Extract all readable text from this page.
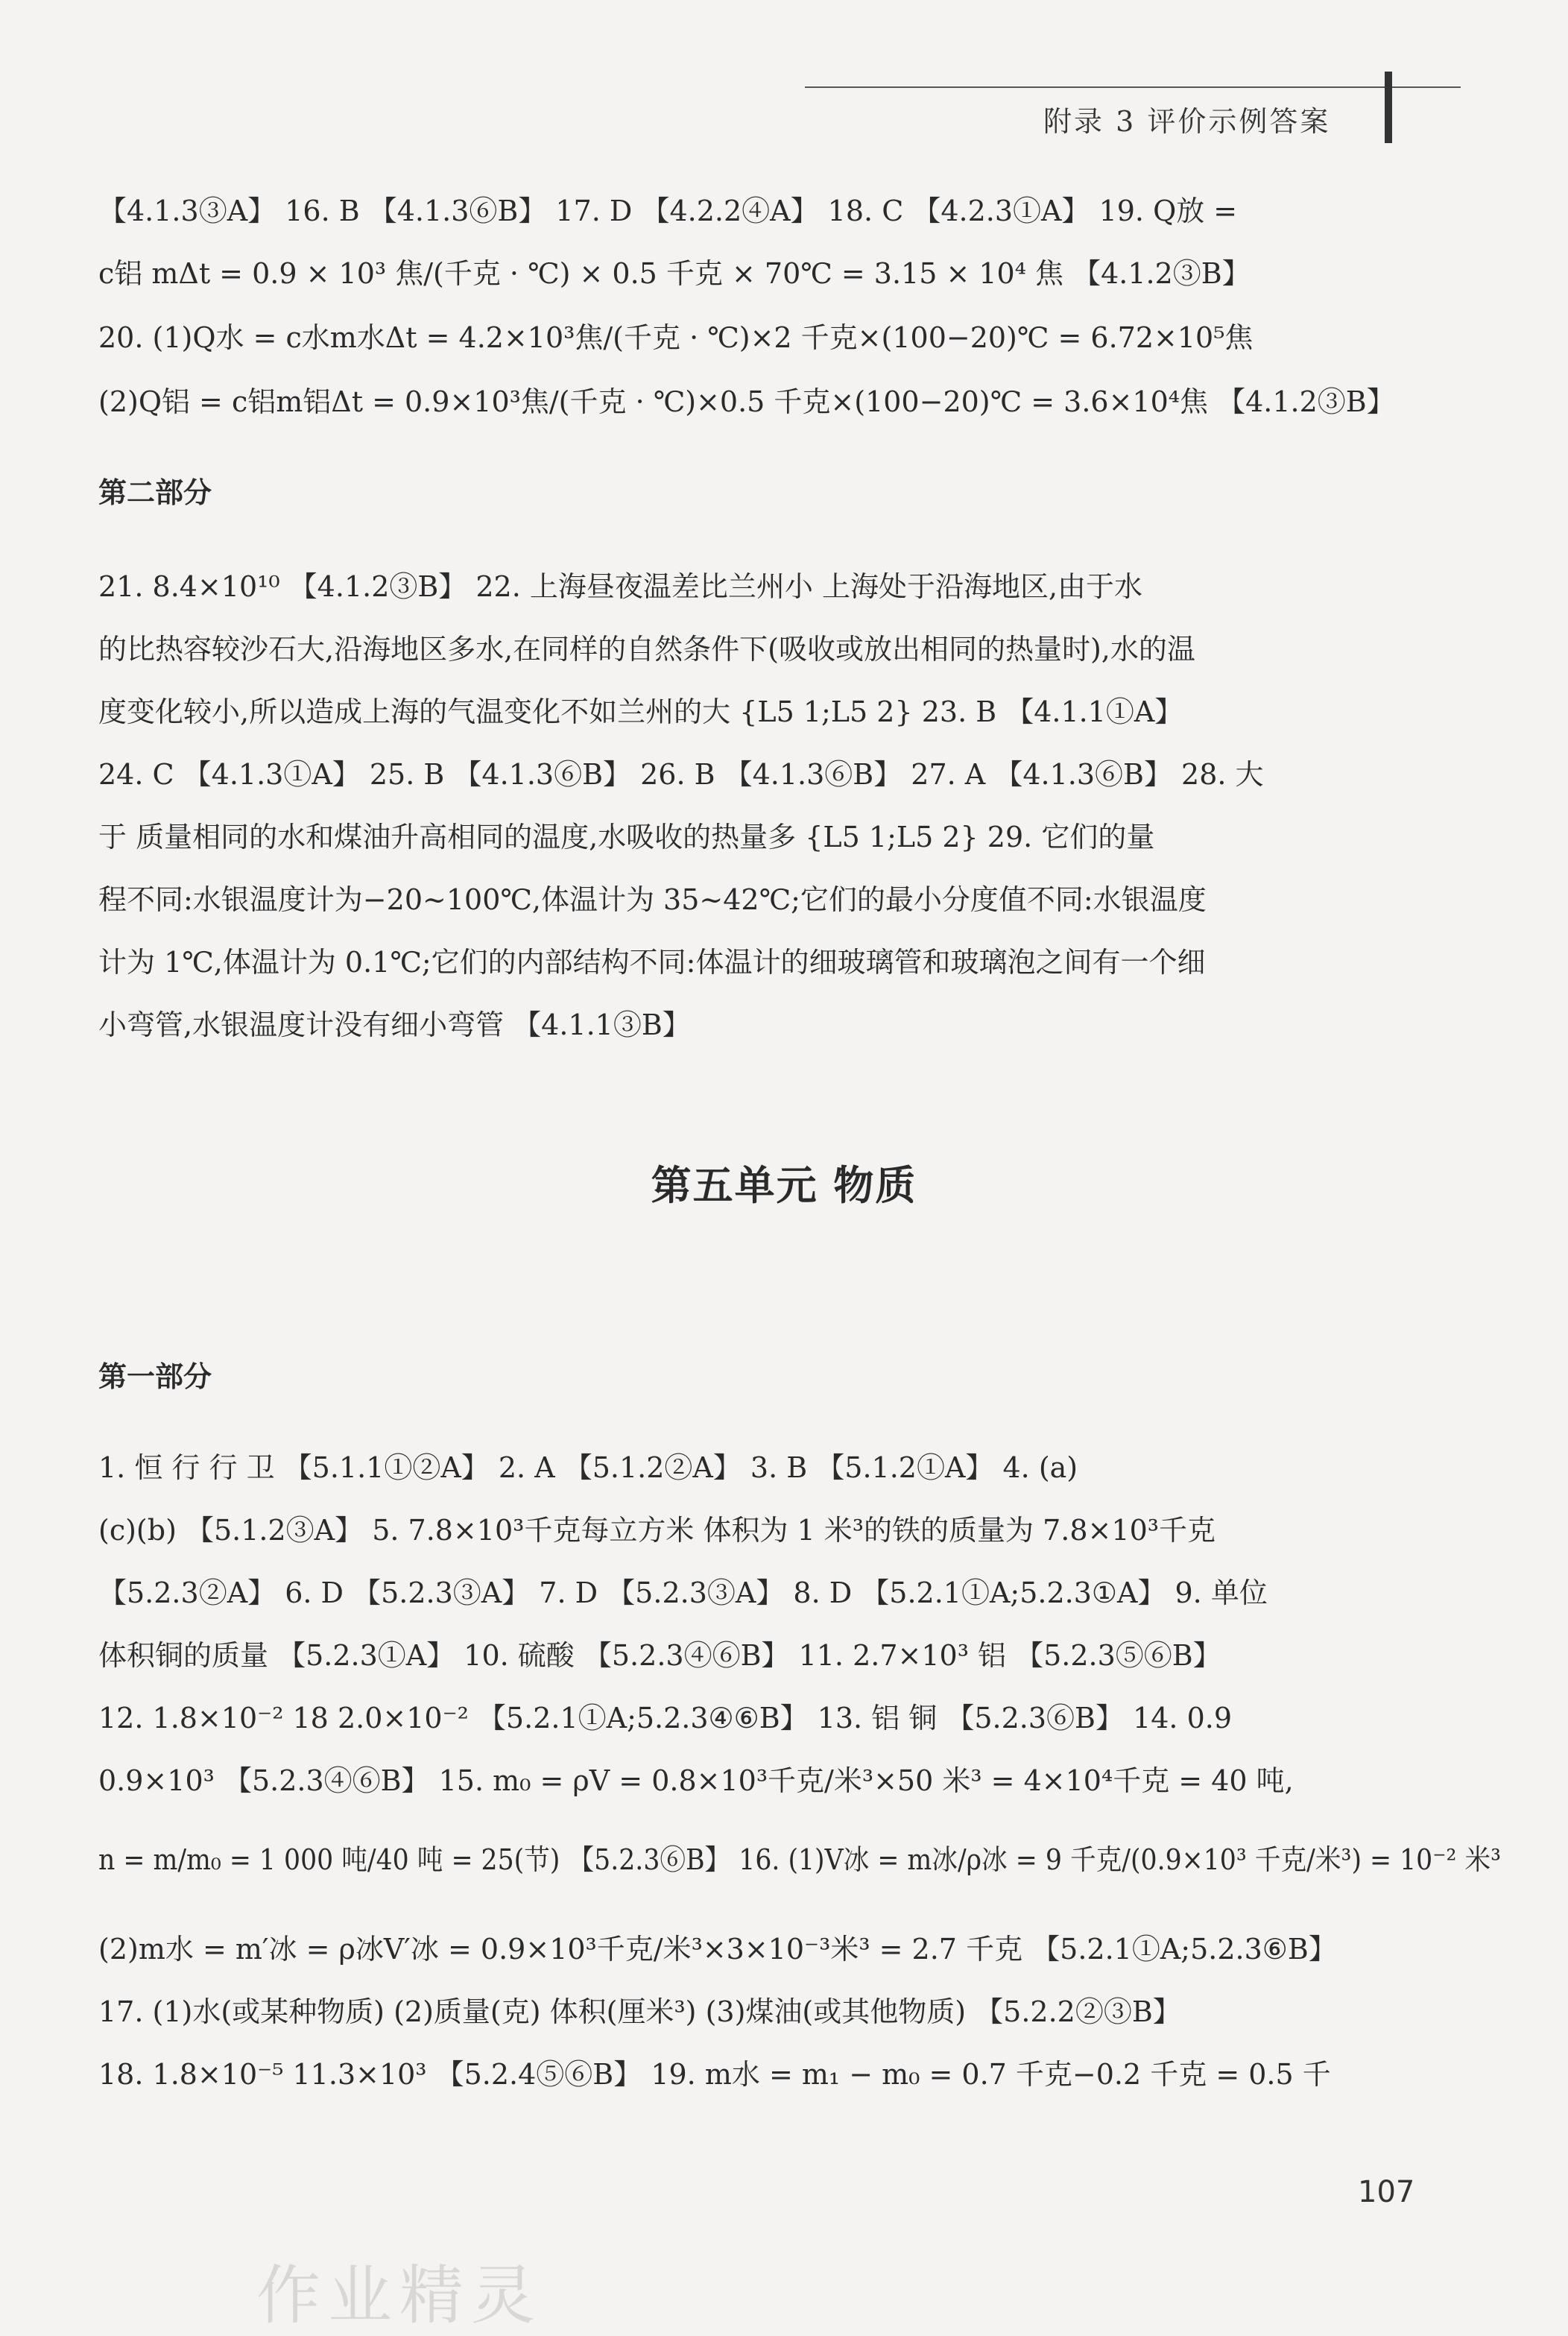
附录 3 评价示例答案
【4.1.3③A】 16. B 【4.1.3⑥B】 17. D 【4.2.2④A】 18. C 【4.2.3①A】 19. Q放 =
c铝 mΔt = 0.9 × 10³ 焦/(千克 · ℃) × 0.5 千克 × 70℃ = 3.15 × 10⁴ 焦 【4.1.2③B】
20. (1)Q水 = c水m水Δt = 4.2×10³焦/(千克 · ℃)×2 千克×(100−20)℃ = 6.72×10⁵焦
(2)Q铝 = c铝m铝Δt = 0.9×10³焦/(千克 · ℃)×0.5 千克×(100−20)℃ = 3.6×10⁴焦 【4.1.2③B】
第二部分
21. 8.4×10¹⁰ 【4.1.2③B】 22. 上海昼夜温差比兰州小 上海处于沿海地区,由于水
的比热容较沙石大,沿海地区多水,在同样的自然条件下(吸收或放出相同的热量时),水的温
度变化较小,所以造成上海的气温变化不如兰州的大 {L5 1;L5 2} 23. B 【4.1.1①A】
24. C 【4.1.3①A】 25. B 【4.1.3⑥B】 26. B 【4.1.3⑥B】 27. A 【4.1.3⑥B】 28. 大
于 质量相同的水和煤油升高相同的温度,水吸收的热量多 {L5 1;L5 2} 29. 它们的量
程不同:水银温度计为−20~100℃,体温计为 35~42℃;它们的最小分度值不同:水银温度
计为 1℃,体温计为 0.1℃;它们的内部结构不同:体温计的细玻璃管和玻璃泡之间有一个细
小弯管,水银温度计没有细小弯管 【4.1.1③B】
第五单元 物质
第一部分
1. 恒 行 行 卫 【5.1.1①②A】 2. A 【5.1.2②A】 3. B 【5.1.2①A】 4. (a)
(c)(b) 【5.1.2③A】 5. 7.8×10³千克每立方米 体积为 1 米³的铁的质量为 7.8×10³千克
【5.2.3②A】 6. D 【5.2.3③A】 7. D 【5.2.3③A】 8. D 【5.2.1①A;5.2.3①A】 9. 单位
体积铜的质量 【5.2.3①A】 10. 硫酸 【5.2.3④⑥B】 11. 2.7×10³ 铝 【5.2.3⑤⑥B】
12. 1.8×10⁻² 18 2.0×10⁻² 【5.2.1①A;5.2.3④⑥B】 13. 铝 铜 【5.2.3⑥B】 14. 0.9
0.9×10³ 【5.2.3④⑥B】 15. m₀ = ρV = 0.8×10³千克/米³×50 米³ = 4×10⁴千克 = 40 吨,
n = m/m₀ = 1 000 吨/40 吨 = 25(节) 【5.2.3⑥B】 16. (1)V冰 = m冰/ρ冰 = 9 千克/(0.9×10³ 千克/米³) = 10⁻² 米³
(2)m水 = m′冰 = ρ冰V′冰 = 0.9×10³千克/米³×3×10⁻³米³ = 2.7 千克 【5.2.1①A;5.2.3⑥B】
17. (1)水(或某种物质) (2)质量(克) 体积(厘米³) (3)煤油(或其他物质) 【5.2.2②③B】
18. 1.8×10⁻⁵ 11.3×10³ 【5.2.4⑤⑥B】 19. m水 = m₁ − m₀ = 0.7 千克−0.2 千克 = 0.5 千
107
作业精灵
